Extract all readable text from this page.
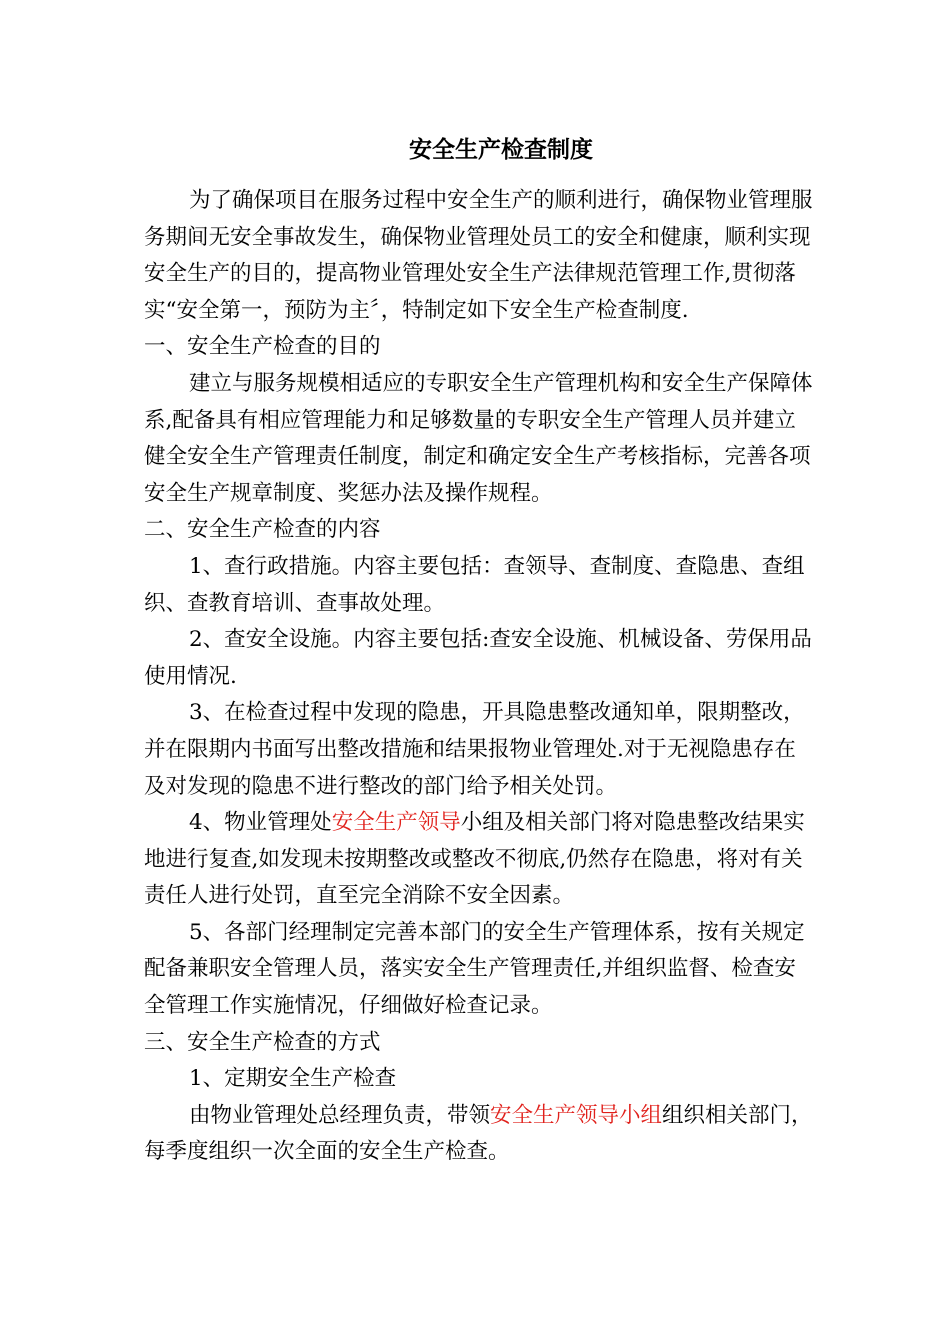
安全生产检查制度

为了确保项目在服务过程中安全生产的顺利进行，确保物业管理服务期间无安全事故发生，确保物业管理处员工的安全和健康，顺利实现安全生产的目的，提高物业管理处安全生产法律规范管理工作,贯彻落实“安全第一，预防为主〞，特制定如下安全生产检查制度.

一、安全生产检查的目的

建立与服务规模相适应的专职安全生产管理机构和安全生产保障体系,配备具有相应管理能力和足够数量的专职安全生产管理人员并建立健全安全生产管理责任制度，制定和确定安全生产考核指标，完善各项安全生产规章制度、奖惩办法及操作规程。

二、安全生产检查的内容

1、查行政措施。内容主要包括：查领导、查制度、查隐患、查组织、查教育培训、查事故处理。

2、查安全设施。内容主要包括:查安全设施、机械设备、劳保用品使用情况.

3、在检查过程中发现的隐患，开具隐患整改通知单，限期整改，并在限期内书面写出整改措施和结果报物业管理处.对于无视隐患存在及对发现的隐患不进行整改的部门给予相关处罚。

4、物业管理处安全生产领导小组及相关部门将对隐患整改结果实地进行复查,如发现未按期整改或整改不彻底,仍然存在隐患，将对有关责任人进行处罚，直至完全消除不安全因素。

5、各部门经理制定完善本部门的安全生产管理体系，按有关规定配备兼职安全管理人员，落实安全生产管理责任,并组织监督、检查安全管理工作实施情况，仔细做好检查记录。

三、安全生产检查的方式

1、定期安全生产检查

由物业管理处总经理负责，带领安全生产领导小组组织相关部门，每季度组织一次全面的安全生产检查。
